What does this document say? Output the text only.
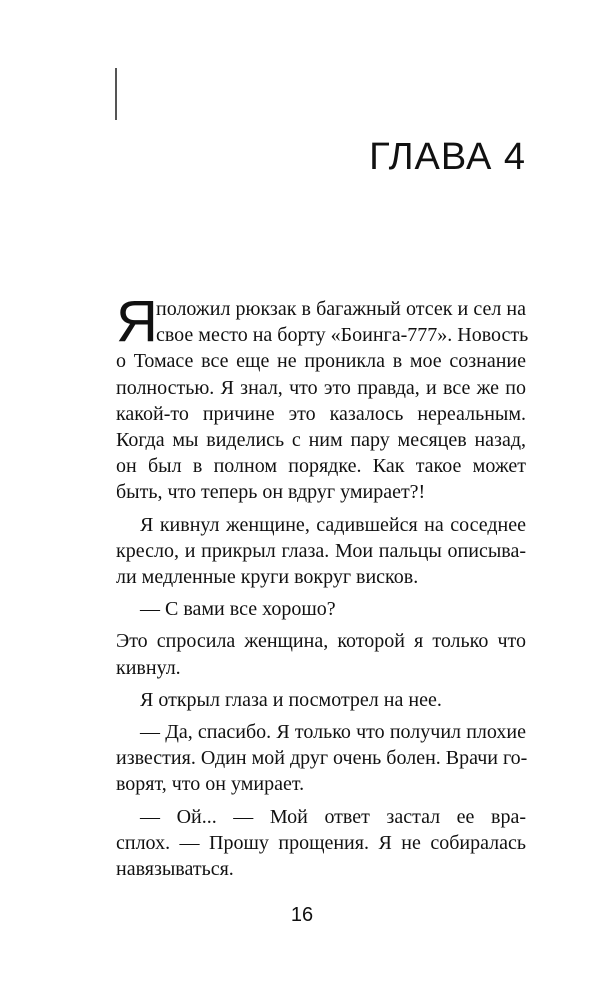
ГЛАВА 4
Я
положил рюкзак в багажный отсек и сел на
свое место на борту «Боинга-777». Новость
о Томасе все еще не проникла в мое сознание
полностью. Я знал, что это правда, и все же по
какой-то причине это казалось нереальным.
Когда мы виделись с ним пару месяцев назад,
он был в полном порядке. Как такое может
быть, что теперь он вдруг умирает?!
Я кивнул женщине, садившейся на соседнее
кресло, и прикрыл глаза. Мои пальцы описыва-
ли медленные круги вокруг висков.
— С вами все хорошо?
Это спросила женщина, которой я только что
кивнул.
Я открыл глаза и посмотрел на нее.
— Да, спасибо. Я только что получил плохие
известия. Один мой друг очень болен. Врачи го-
ворят, что он умирает.
— Ой... — Мой ответ застал ее вра-
сплох. — Прошу прощения. Я не собиралась
навязываться.
16
